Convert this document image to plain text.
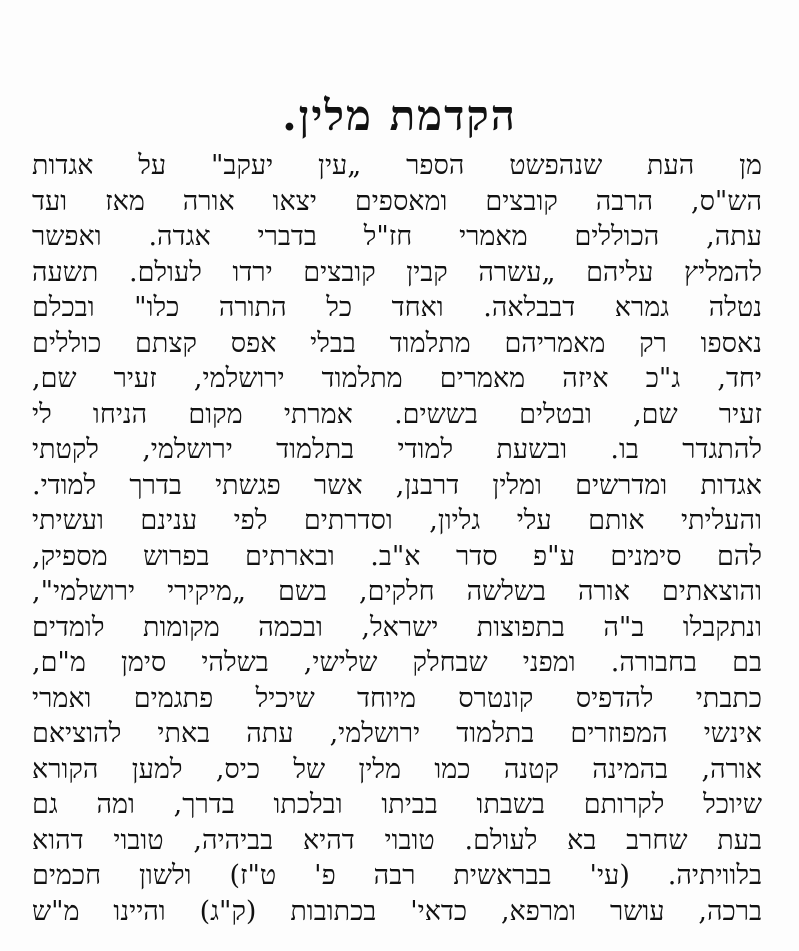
הקדמת מלין.
מן העת שנהפשט הספר „עין יעקב" על אגדות
הש"ס, הרבה קובצים ומאספים יצאו אורה מאז ועד
עתה, הכוללים מאמרי חז"ל בדברי אגדה. ואפשר
להמליץ עליהם „עשרה קבין קובצים ירדו לעולם. תשעה
נטלה גמרא דבבלאה. ואחד כל התורה כלו" ובכלם
נאספו רק מאמריהם מתלמוד בבלי אפס קצתם כוללים
יחד, ג"כ איזה מאמרים מתלמוד ירושלמי, זעיר שם,
זעיר שם, ובטלים בששים. אמרתי מקום הניחו לי
להתגדר בו. ובשעת למודי בתלמוד ירושלמי, לקטתי
אגדות ומדרשים ומלין דרבנן, אשר פגשתי בדרך למודי.
והעליתי אותם עלי גליון, וסדרתים לפי ענינם ועשיתי
להם סימנים ע"פ סדר א"ב. ובארתים בפרוש מספיק,
והוצאתים אורה בשלשה חלקים, בשם „מיקירי ירושלמי",
ונתקבלו ב"ה בתפוצות ישראל, ובכמה מקומות לומדים
בם בחבורה. ומפני שבחלק שלישי, בשלהי סימן מ"ם,
כתבתי להדפיס קונטרס מיוחד שיכיל פתגמים ואמרי
אינשי המפוזרים בתלמוד ירושלמי, עתה באתי להוציאם
אורה, בהמינה קטנה כמו מלין של כיס, למען הקורא
שיוכל לקרותם בשבתו בביתו ובלכתו בדרך, ומה גם
בעת שחרב בא לעולם. טובוי דהיא בביהיה, טובוי דהוא
בלוויתיה. (עי' בבראשית רבה פ' ט"ז) ולשון חכמים
ברכה, עושר ומרפא, כדאי' בכתובות (ק"ג) והיינו מ"ש
